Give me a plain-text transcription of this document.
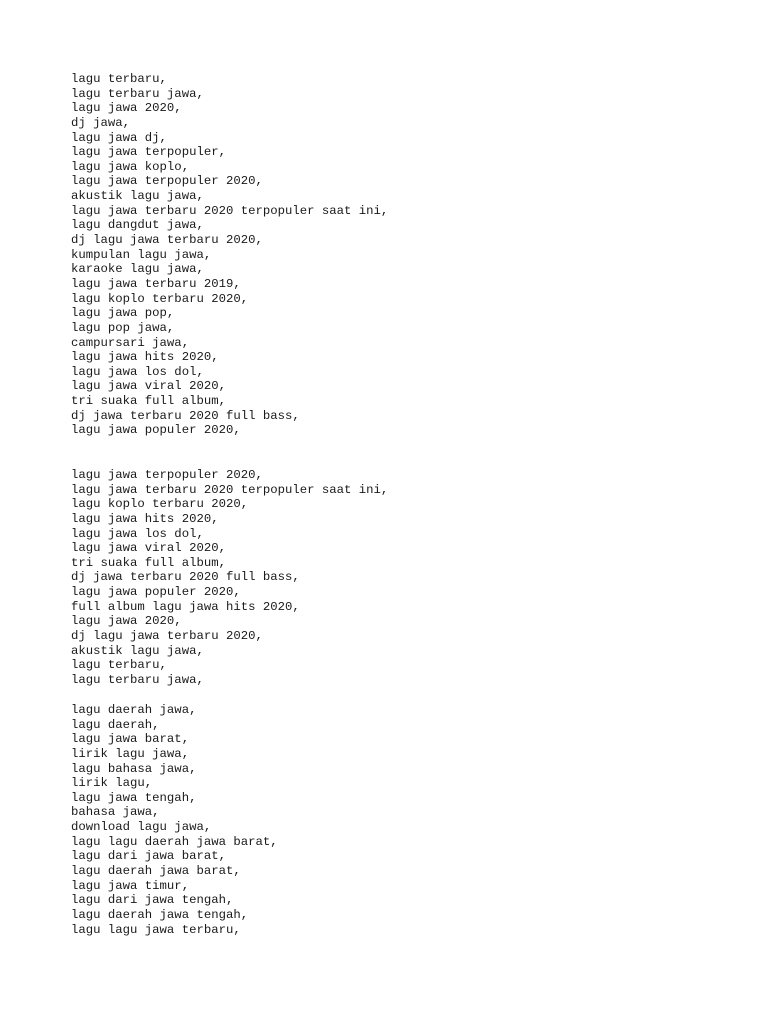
lagu terbaru,
lagu terbaru jawa,
lagu jawa 2020,
dj jawa,
lagu jawa dj,
lagu jawa terpopuler,
lagu jawa koplo,
lagu jawa terpopuler 2020,
akustik lagu jawa,
lagu jawa terbaru 2020 terpopuler saat ini,
lagu dangdut jawa,
dj lagu jawa terbaru 2020,
kumpulan lagu jawa,
karaoke lagu jawa,
lagu jawa terbaru 2019,
lagu koplo terbaru 2020,
lagu jawa pop,
lagu pop jawa,
campursari jawa,
lagu jawa hits 2020,
lagu jawa los dol,
lagu jawa viral 2020,
tri suaka full album,
dj jawa terbaru 2020 full bass,
lagu jawa populer 2020,
lagu jawa terpopuler 2020,
lagu jawa terbaru 2020 terpopuler saat ini,
lagu koplo terbaru 2020,
lagu jawa hits 2020,
lagu jawa los dol,
lagu jawa viral 2020,
tri suaka full album,
dj jawa terbaru 2020 full bass,
lagu jawa populer 2020,
full album lagu jawa hits 2020,
lagu jawa 2020,
dj lagu jawa terbaru 2020,
akustik lagu jawa,
lagu terbaru,
lagu terbaru jawa,
lagu daerah jawa,
lagu daerah,
lagu jawa barat,
lirik lagu jawa,
lagu bahasa jawa,
lirik lagu,
lagu jawa tengah,
bahasa jawa,
download lagu jawa,
lagu lagu daerah jawa barat,
lagu dari jawa barat,
lagu daerah jawa barat,
lagu jawa timur,
lagu dari jawa tengah,
lagu daerah jawa tengah,
lagu lagu jawa terbaru,
